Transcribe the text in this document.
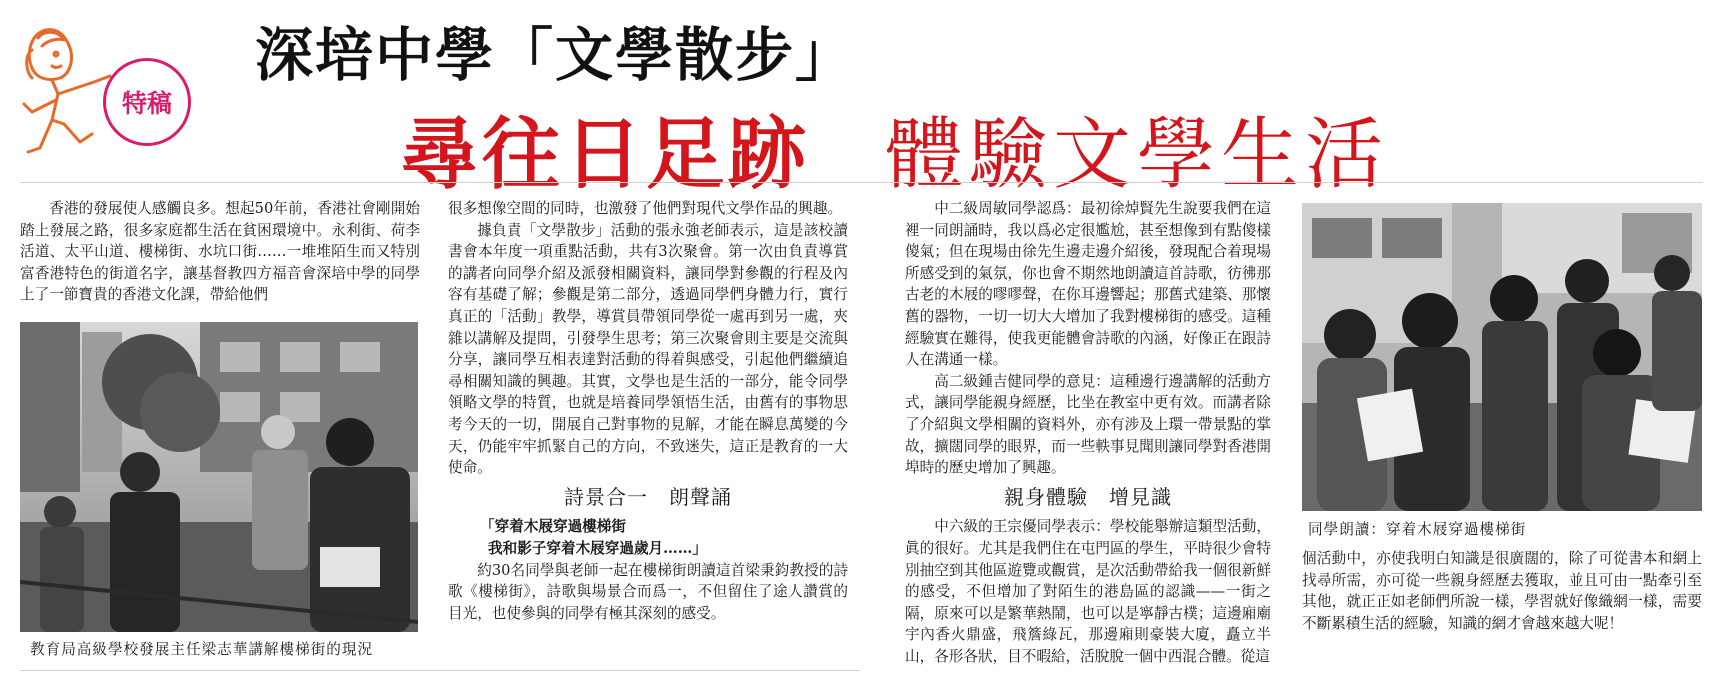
特稿
深培中學「文學散步」
尋往日足跡 體驗文學生活

香港的發展使人感觸良多。想起50年前，香港社會剛開始踏上發展之路，很多家庭都生活在貧困環境中。永利街、荷李活道、太平山道、樓梯街、水坑口街……一堆堆陌生而又特別富香港特色的街道名字，讓基督教四方福音會深培中學的同學上了一節寶貴的香港文化課，帶給他們

教育局高級學校發展主任梁志華講解樓梯街的現況

很多想像空間的同時，也激發了他們對現代文學作品的興趣。

據負責「文學散步」活動的張永強老師表示，這是該校讀書會本年度一項重點活動，共有3次聚會。第一次由負責導賞的講者向同學介紹及派發相關資料，讓同學對參觀的行程及內容有基礎了解；參觀是第二部分，透過同學們身體力行，實行真正的「活動」教學，導賞員帶領同學從一處再到另一處，夾雜以講解及提問，引發學生思考；第三次聚會則主要是交流與分享，讓同學互相表達對活動的得着與感受，引起他們繼續追尋相關知識的興趣。其實，文學也是生活的一部分，能令同學領略文學的特質，也就是培養同學領悟生活，由舊有的事物思考今天的一切，開展自己對事物的見解，才能在瞬息萬變的今天，仍能牢牢抓緊自己的方向，不致迷失，這正是教育的一大使命。

詩景合一　朗聲誦
「穿着木屐穿過樓梯街
我和影子穿着木屐穿過歲月……」

約30名同學與老師一起在樓梯街朗讀這首梁秉鈞教授的詩歌《樓梯街》，詩歌與場景合而爲一，不但留住了途人讚賞的目光，也使參與的同學有極其深刻的感受。

中二級周敏同學認爲：最初徐焯賢先生說要我們在這裡一同朗誦時，我以爲必定很尷尬，甚至想像到有點傻樣傻氣；但在現場由徐先生邊走邊介紹後，發現配合着現場所感受到的氣氛，你也會不期然地朗讀這首詩歌，彷彿那古老的木屐的嘐嘐聲，在你耳邊響起；那舊式建築、那懷舊的器物，一切一切大大增加了我對樓梯街的感受。這種經驗實在難得，使我更能體會詩歌的內涵，好像正在跟詩人在溝通一樣。

高二級鍾吉健同學的意見：這種邊行邊講解的活動方式，讓同學能親身經歷，比坐在教室中更有效。而講者除了介紹與文學相關的資料外，亦有涉及上環一帶景點的掌故，擴闊同學的眼界，而一些軼事見聞則讓同學對香港開埠時的歷史增加了興趣。

親身體驗　增見識

中六級的王宗優同學表示：學校能舉辦這類型活動，眞的很好。尤其是我們住在屯門區的學生，平時很少會特別抽空到其他區遊覽或觀賞，是次活動帶給我一個很新鮮的感受，不但增加了對陌生的港島區的認識——一街之隔，原來可以是繁華熱鬧，也可以是寧靜古樸；這邊廂廟宇內香火鼎盛，飛簷綠瓦，那邊廂則豪裝大廈，矗立半山，各形各狀，目不暇給，活脫脫一個中西混合體。從這

同學朗讀：穿着木屐穿過樓梯街

個活動中，亦使我明白知識是很廣闊的，除了可從書本和網上找尋所需，亦可從一些親身經歷去獲取，並且可由一點牽引至其他，就正正如老師們所說一樣，學習就好像織網一樣，需要不斷累積生活的經驗，知識的網才會越來越大呢！
